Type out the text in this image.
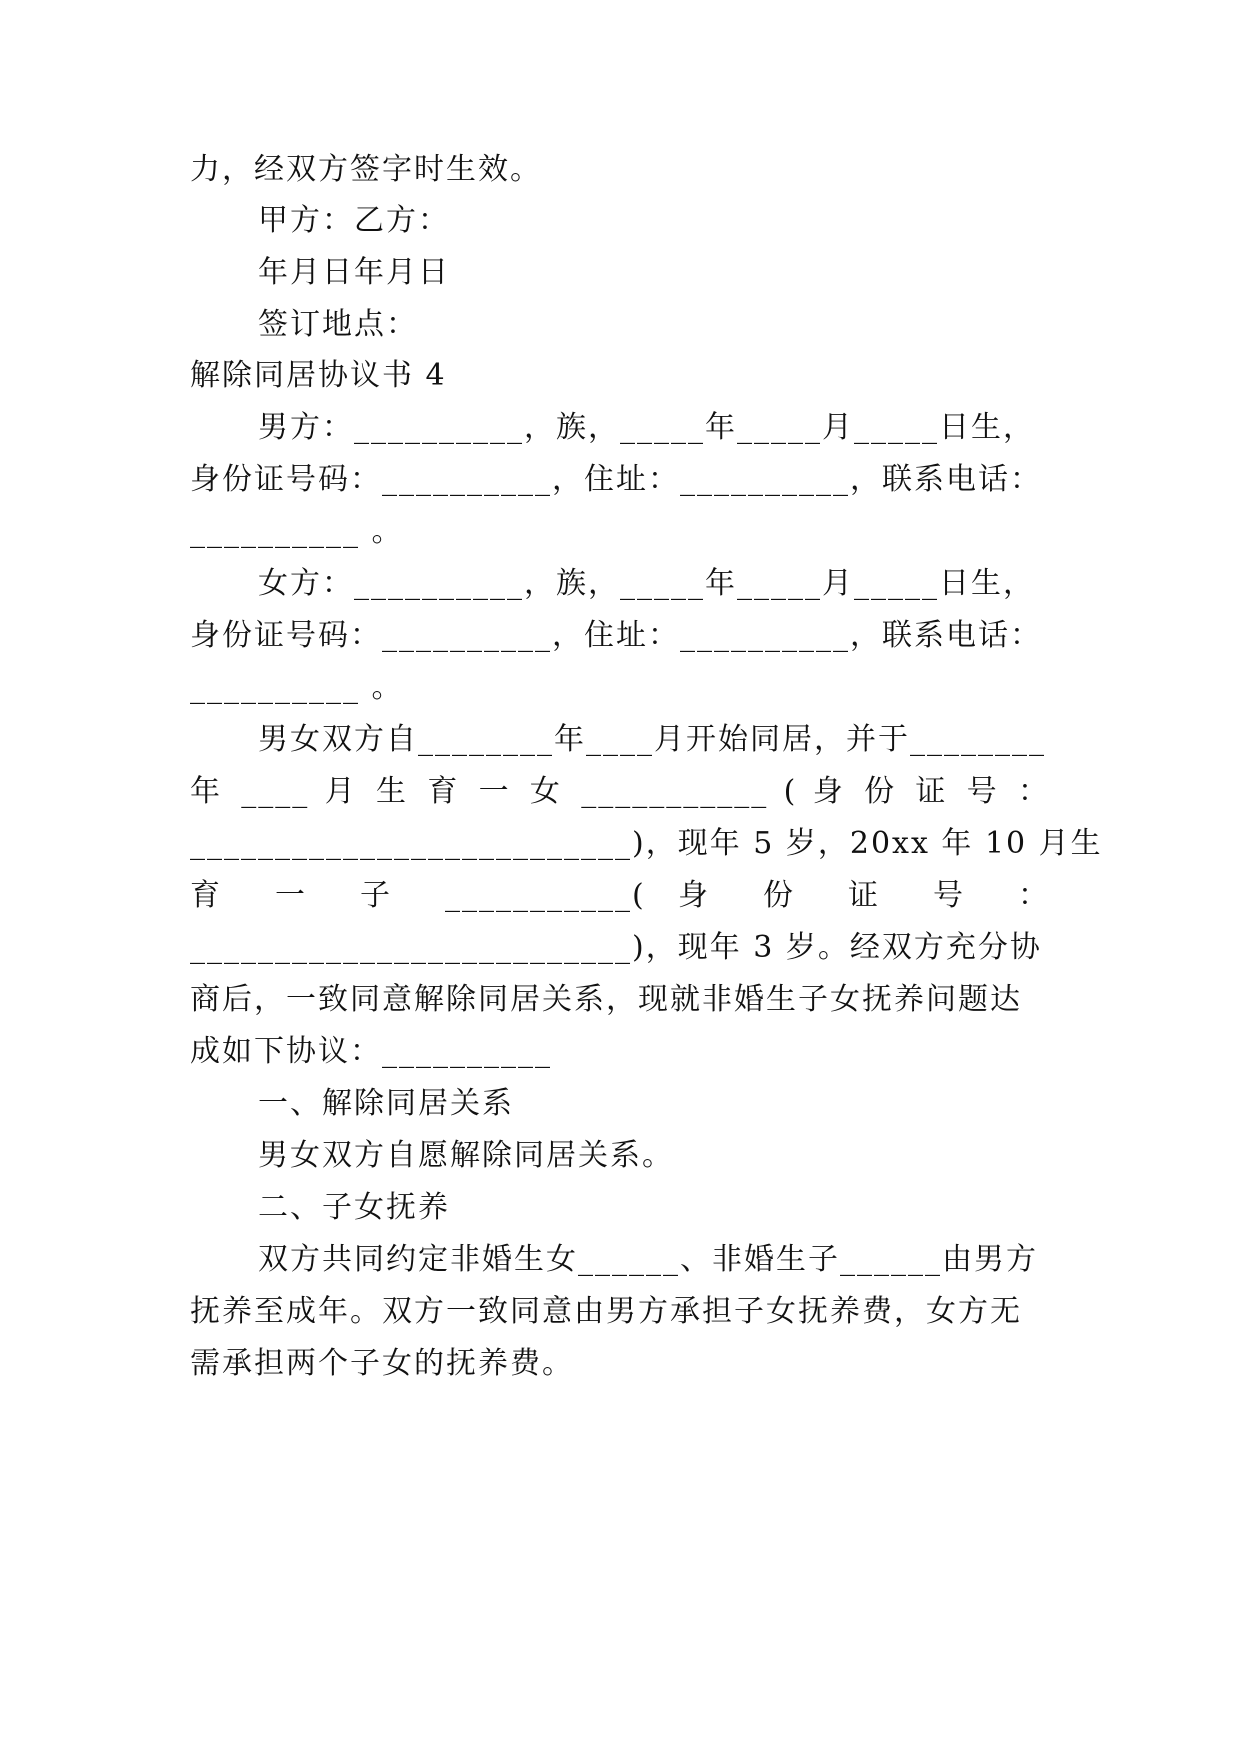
力，经双方签字时生效。
甲方：乙方：
年月日年月日
签订地点：
解除同居协议书 4
男方：__________，族，_____年_____月_____日生，
身份证号码：__________，住址：__________，联系电话：
__________ 。
女方：__________，族，_____年_____月_____日生，
身份证号码：__________，住址：__________，联系电话：
__________ 。
男女双方自________年____月开始同居，并于________
年 ____ 月 生 育 一 女 ___________ ( 身 份 证 号 ：
__________________________)，现年 5 岁，20xx 年 10 月生
育 一 子 ___________( 身 份 证 号 ：
__________________________)，现年 3 岁。经双方充分协
商后，一致同意解除同居关系，现就非婚生子女抚养问题达
成如下协议：__________
一、解除同居关系
男女双方自愿解除同居关系。
二、子女抚养
双方共同约定非婚生女______、非婚生子______由男方
抚养至成年。双方一致同意由男方承担子女抚养费，女方无
需承担两个子女的抚养费。
